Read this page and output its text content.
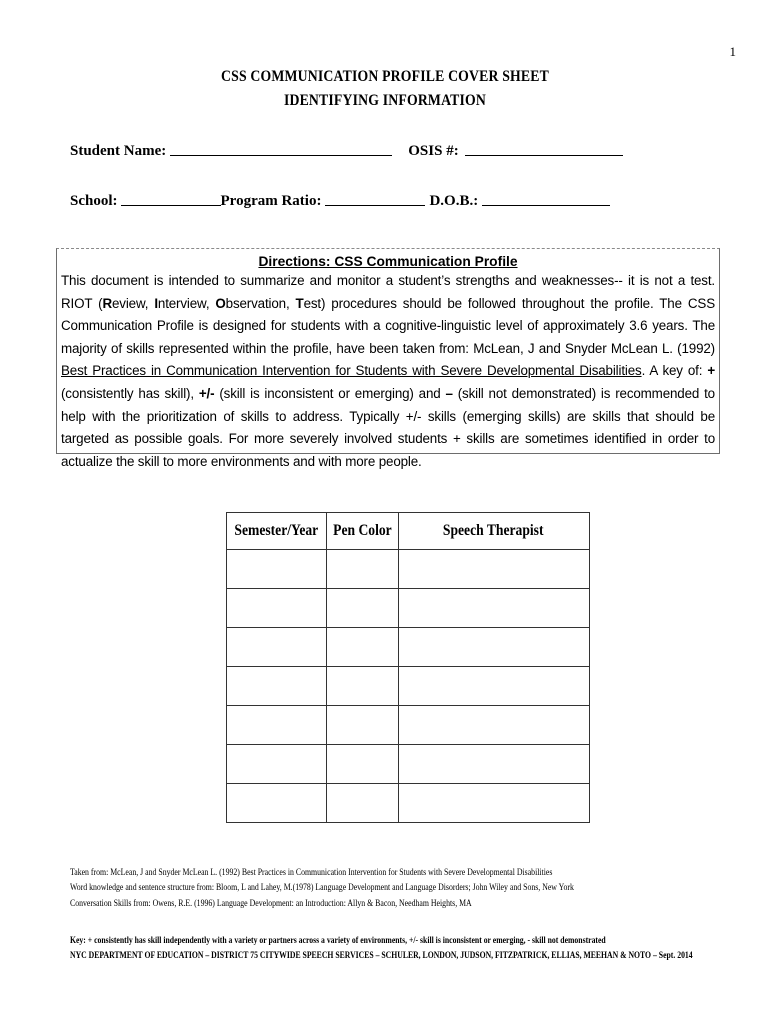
1
CSS COMMUNICATION PROFILE COVER SHEET
IDENTIFYING INFORMATION
Student Name:	OSIS #:
School:	Program Ratio:	D.O.B.:
Directions: CSS Communication Profile
This document is intended to summarize and monitor a student’s strengths and weaknesses-- it is not a test. RIOT (Review, Interview, Observation, Test) procedures should be followed throughout the profile. The CSS Communication Profile is designed for students with a cognitive-linguistic level of approximately 3.6 years. The majority of skills represented within the profile, have been taken from: McLean, J and Snyder McLean L. (1992) Best Practices in Communication Intervention for Students with Severe Developmental Disabilities. A key of: + (consistently has skill), +/- (skill is inconsistent or emerging) and – (skill not demonstrated) is recommended to help with the prioritization of skills to address. Typically +/- skills (emerging skills) are skills that should be targeted as possible goals. For more severely involved students + skills are sometimes identified in order to actualize the skill to more environments and with more people.
Semester/Year	Pen Color	Speech Therapist

Taken from: McLean, J and Snyder McLean L. (1992) Best Practices in Communication Intervention for Students with Severe Developmental Disabilities
Word knowledge and sentence structure from: Bloom, L and Lahey, M.(1978) Language Development and Language Disorders; John Wiley and Sons, New York
Conversation Skills from: Owens, R.E. (1996) Language Development: an Introduction: Allyn & Bacon, Needham Heights, MA
Key: + consistently has skill independently with a variety or partners across a variety of environments, +/- skill is inconsistent or emerging, - skill not demonstrated
NYC DEPARTMENT OF EDUCATION – DISTRICT 75 CITYWIDE SPEECH SERVICES – SCHULER, LONDON, JUDSON, FITZPATRICK, ELLIAS, MEEHAN & NOTO – Sept. 2014
